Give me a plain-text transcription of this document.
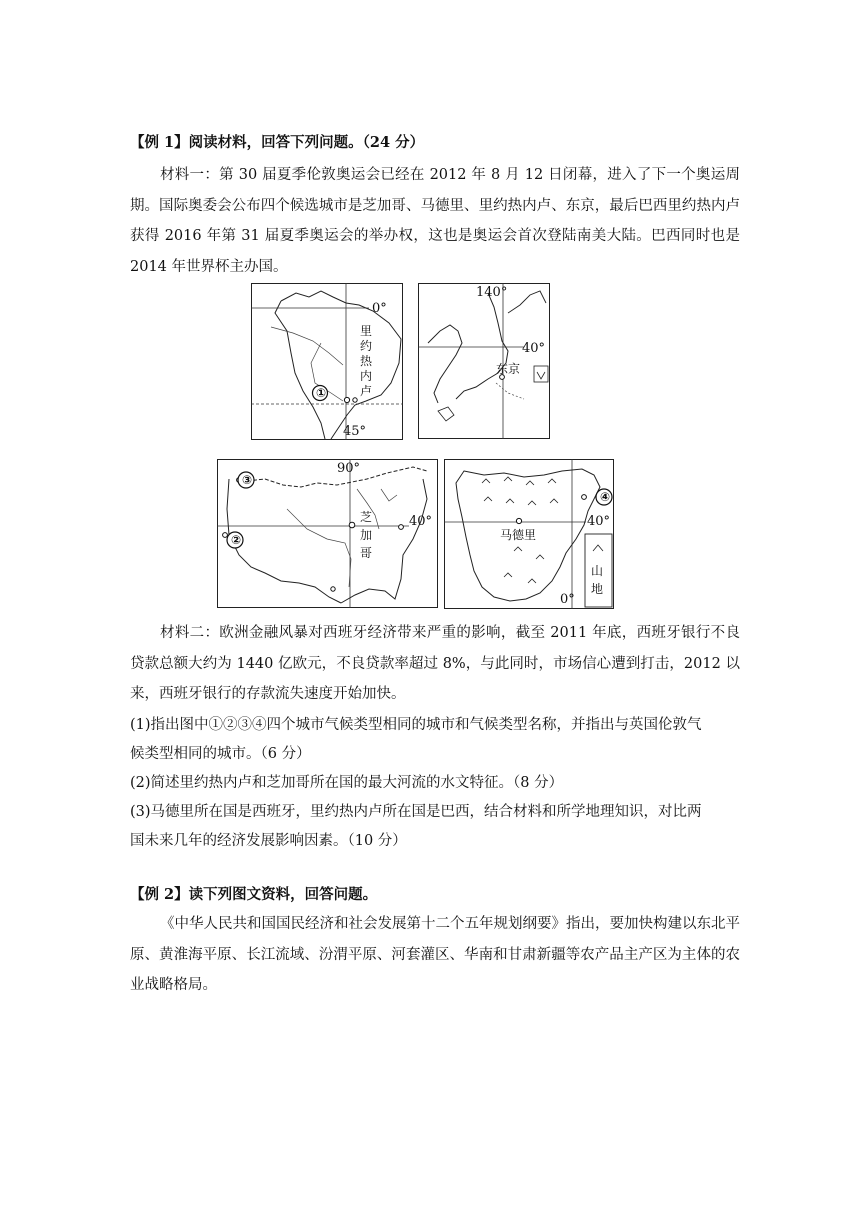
【例 1】阅读材料，回答下列问题。（24 分）

材料一：第 30 届夏季伦敦奥运会已经在 2012 年 8 月 12 日闭幕，进入了下一个奥运周期。国际奥委会公布四个候选城市是芝加哥、马德里、里约热内卢、东京，最后巴西里约热内卢获得 2016 年第 31 届夏季奥运会的举办权，这也是奥运会首次登陆南美大陆。巴西同时也是 2014 年世界杯主办国。

①
0°
45°
里
约
热
内
卢
140°
40°
东京
③
②
90°
40°
芝
加
哥
④
山
地
40°
0°
马德里

材料二：欧洲金融风暴对西班牙经济带来严重的影响，截至 2011 年底，西班牙银行不良贷款总额大约为 1440 亿欧元，不良贷款率超过 8%，与此同时，市场信心遭到打击，2012 以来，西班牙银行的存款流失速度开始加快。

(1)指出图中①②③④四个城市气候类型相同的城市和气候类型名称，并指出与英国伦敦气

候类型相同的城市。（6 分）

(2)简述里约热内卢和芝加哥所在国的最大河流的水文特征。（8 分）

(3)马德里所在国是西班牙，里约热内卢所在国是巴西，结合材料和所学地理知识，对比两

国未来几年的经济发展影响因素。（10 分）

【例 2】读下列图文资料，回答问题。

《中华人民共和国国民经济和社会发展第十二个五年规划纲要》指出，要加快构建以东北平原、黄淮海平原、长江流域、汾渭平原、河套灌区、华南和甘肃新疆等农产品主产区为主体的农业战略格局。
